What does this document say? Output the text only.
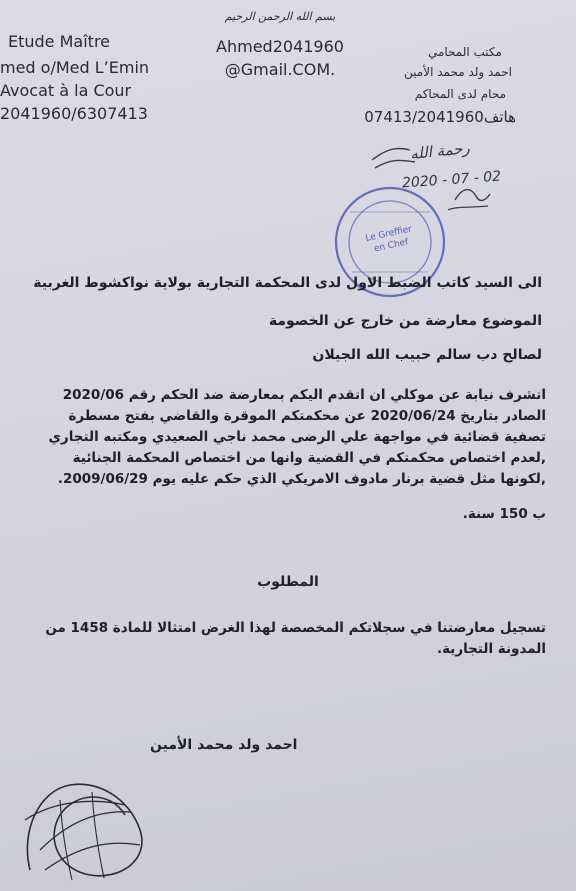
بسم الله الرحمن الرحيم
Etude Maître
med o/Med L’Emin
Avocat à la Cour
2041960/6307413
Ahmed2041960
@Gmail.COM.
مكتب المحامي
احمد ولد محمد الأمين
محام لدى المحاكم
هاتف07413/2041960
رحمة الله
2020 - 07 - 02
Le Greffier en Chef
الى السيد كاتب الضبط الاول لدى المحكمة التجارية بولاية نواكشوط الغربية
الموضوع معارضة من خارج عن الخصومة
لصالح دب سالم حبيب الله الجيلان
اتشرف نيابة عن موكلي ان اتقدم اليكم بمعارضة ضد الحكم رقم 2020/06
الصادر بتاريخ 2020/06/24 عن محكمتكم الموقرة والقاضي بفتح مسطرة
تصفية قضائية في مواجهة علي الرضى محمد ناجي الصعيدي ومكتبه التجاري
,لعدم اختصاص محكمتكم في القضية وانها من اختصاص المحكمة الجنائية
,لكونها مثل قضية برنار مادوف الامريكي الذي حكم عليه يوم 2009/06/29.
ب 150 سنة.
المطلوب
تسجيل معارضتنا في سجلاتكم المخصصة لهذا الغرض امتثالا للمادة 1458 من
المدونة التجارية.
احمد ولد محمد الأمين
